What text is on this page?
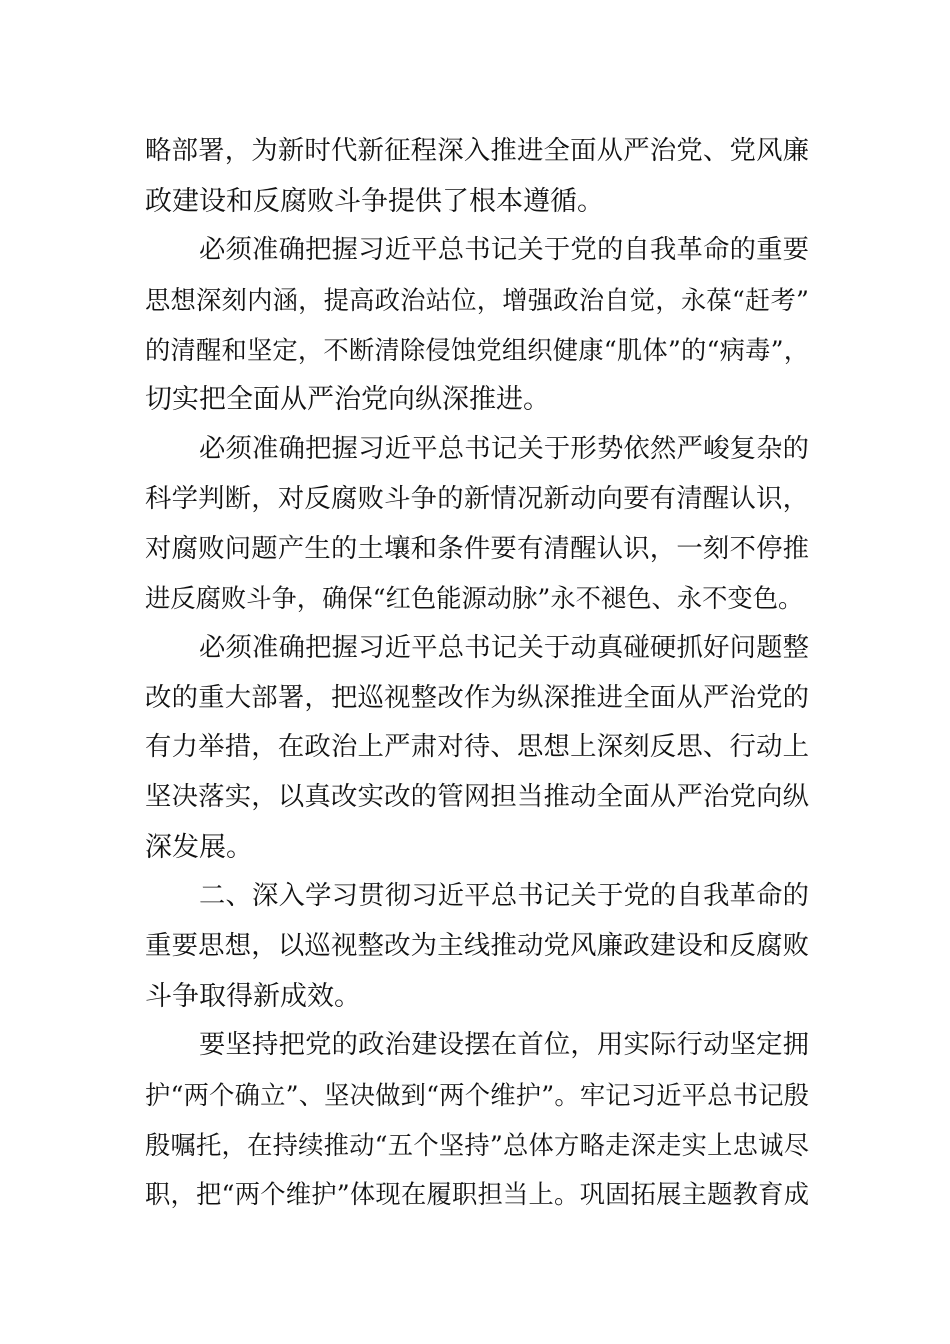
略部署，为新时代新征程深入推进全面从严治党、党风廉
政建设和反腐败斗争提供了根本遵循。
必须准确把握习近平总书记关于党的自我革命的重要
思想深刻内涵，提高政治站位，增强政治自觉，永葆“赶考”
的清醒和坚定，不断清除侵蚀党组织健康“肌体”的“病毒”，
切实把全面从严治党向纵深推进。
必须准确把握习近平总书记关于形势依然严峻复杂的
科学判断，对反腐败斗争的新情况新动向要有清醒认识，
对腐败问题产生的土壤和条件要有清醒认识，一刻不停推
进反腐败斗争，确保“红色能源动脉”永不褪色、永不变色。
必须准确把握习近平总书记关于动真碰硬抓好问题整
改的重大部署，把巡视整改作为纵深推进全面从严治党的
有力举措，在政治上严肃对待、思想上深刻反思、行动上
坚决落实，以真改实改的管网担当推动全面从严治党向纵
深发展。
二、深入学习贯彻习近平总书记关于党的自我革命的
重要思想，以巡视整改为主线推动党风廉政建设和反腐败
斗争取得新成效。
要坚持把党的政治建设摆在首位，用实际行动坚定拥
护“两个确立”、坚决做到“两个维护”。牢记习近平总书记殷
殷嘱托，在持续推动“五个坚持”总体方略走深走实上忠诚尽
职，把“两个维护”体现在履职担当上。巩固拓展主题教育成
